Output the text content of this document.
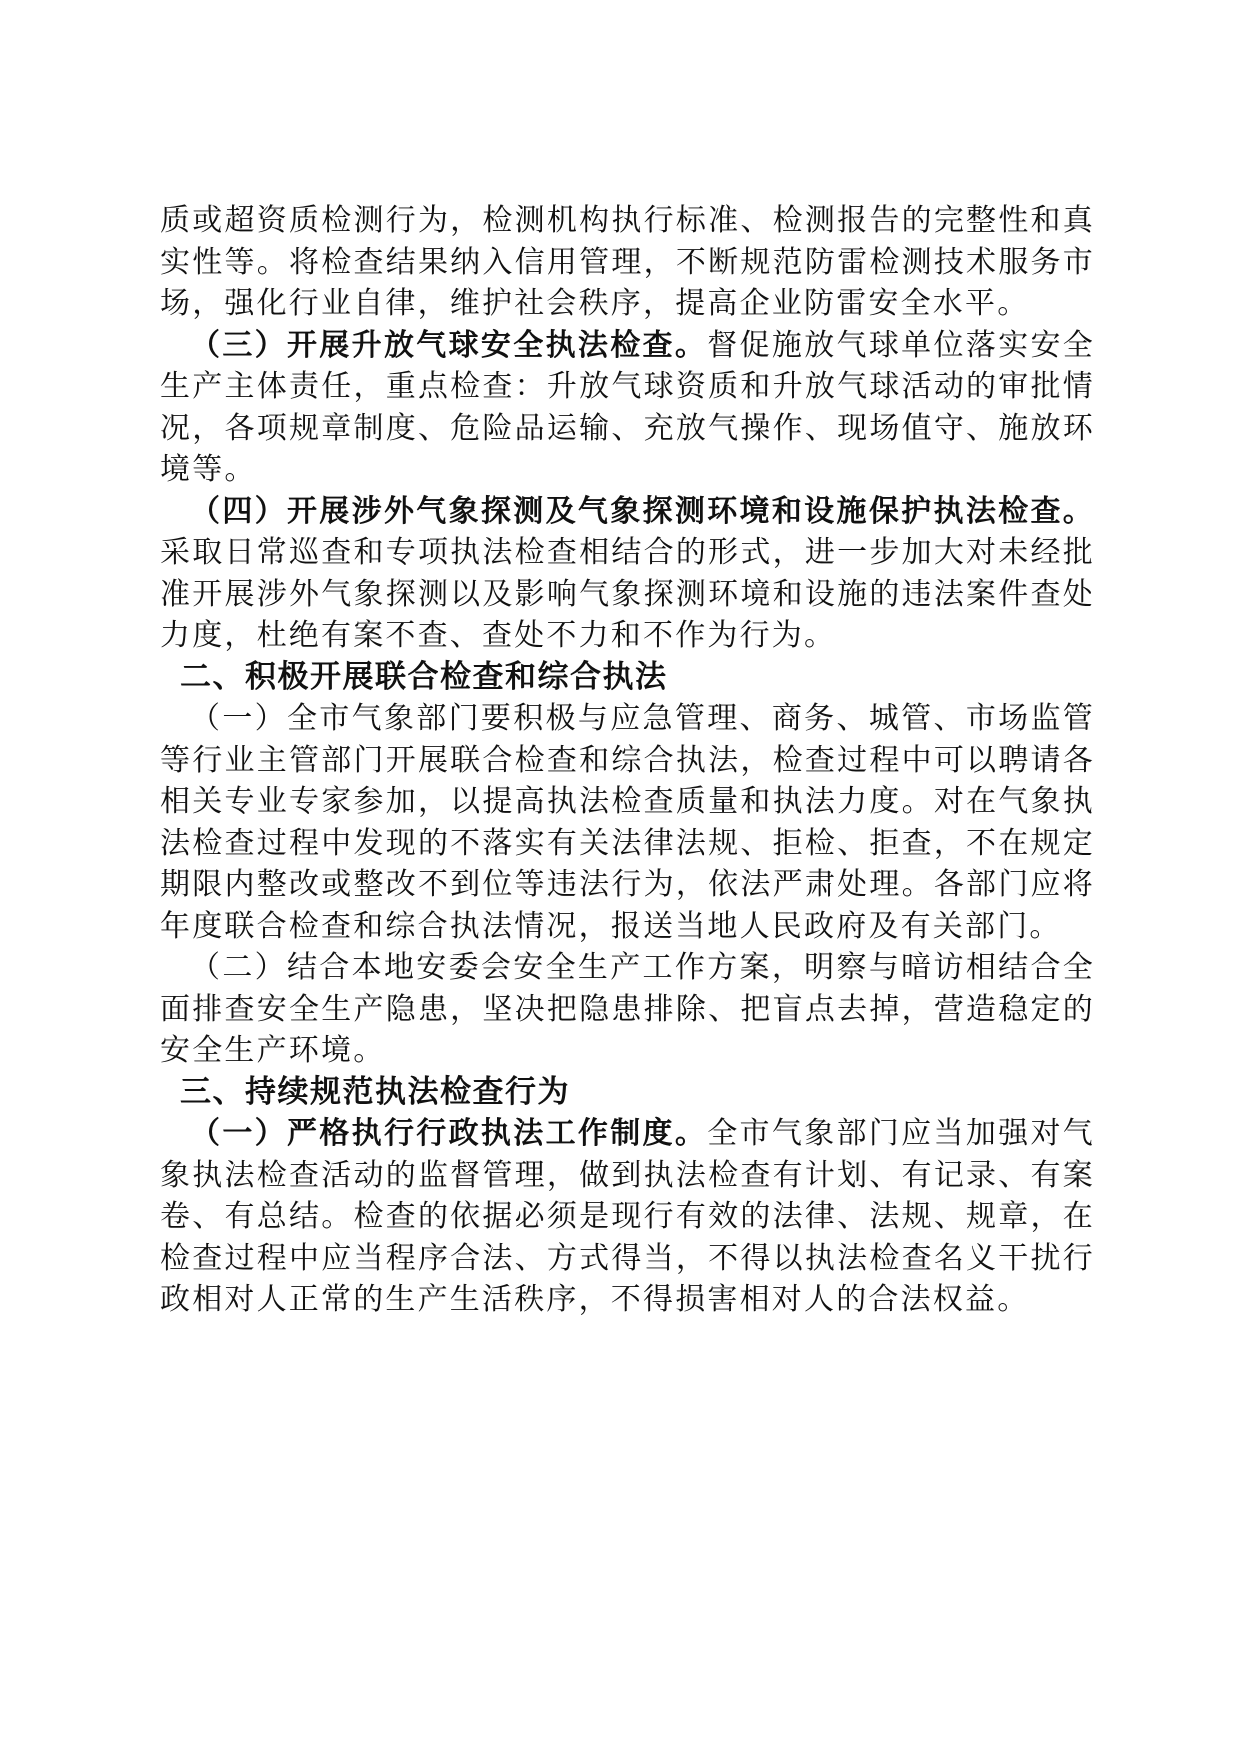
质或超资质检测行为，检测机构执行标准、检测报告的完整性和真实性等。将检查结果纳入信用管理，不断规范防雷检测技术服务市场，强化行业自律，维护社会秩序，提高企业防雷安全水平。

（三）开展升放气球安全执法检查。督促施放气球单位落实安全生产主体责任，重点检查：升放气球资质和升放气球活动的审批情况，各项规章制度、危险品运输、充放气操作、现场值守、施放环境等。

（四）开展涉外气象探测及气象探测环境和设施保护执法检查。采取日常巡查和专项执法检查相结合的形式，进一步加大对未经批准开展涉外气象探测以及影响气象探测环境和设施的违法案件查处力度，杜绝有案不查、查处不力和不作为行为。

二、积极开展联合检查和综合执法

（一）全市气象部门要积极与应急管理、商务、城管、市场监管等行业主管部门开展联合检查和综合执法，检查过程中可以聘请各相关专业专家参加，以提高执法检查质量和执法力度。对在气象执法检查过程中发现的不落实有关法律法规、拒检、拒查，不在规定期限内整改或整改不到位等违法行为，依法严肃处理。各部门应将年度联合检查和综合执法情况，报送当地人民政府及有关部门。

（二）结合本地安委会安全生产工作方案，明察与暗访相结合全面排查安全生产隐患，坚决把隐患排除、把盲点去掉，营造稳定的安全生产环境。

三、持续规范执法检查行为

（一）严格执行行政执法工作制度。全市气象部门应当加强对气象执法检查活动的监督管理，做到执法检查有计划、有记录、有案卷、有总结。检查的依据必须是现行有效的法律、法规、规章，在检查过程中应当程序合法、方式得当，不得以执法检查名义干扰行政相对人正常的生产生活秩序，不得损害相对人的合法权益。
